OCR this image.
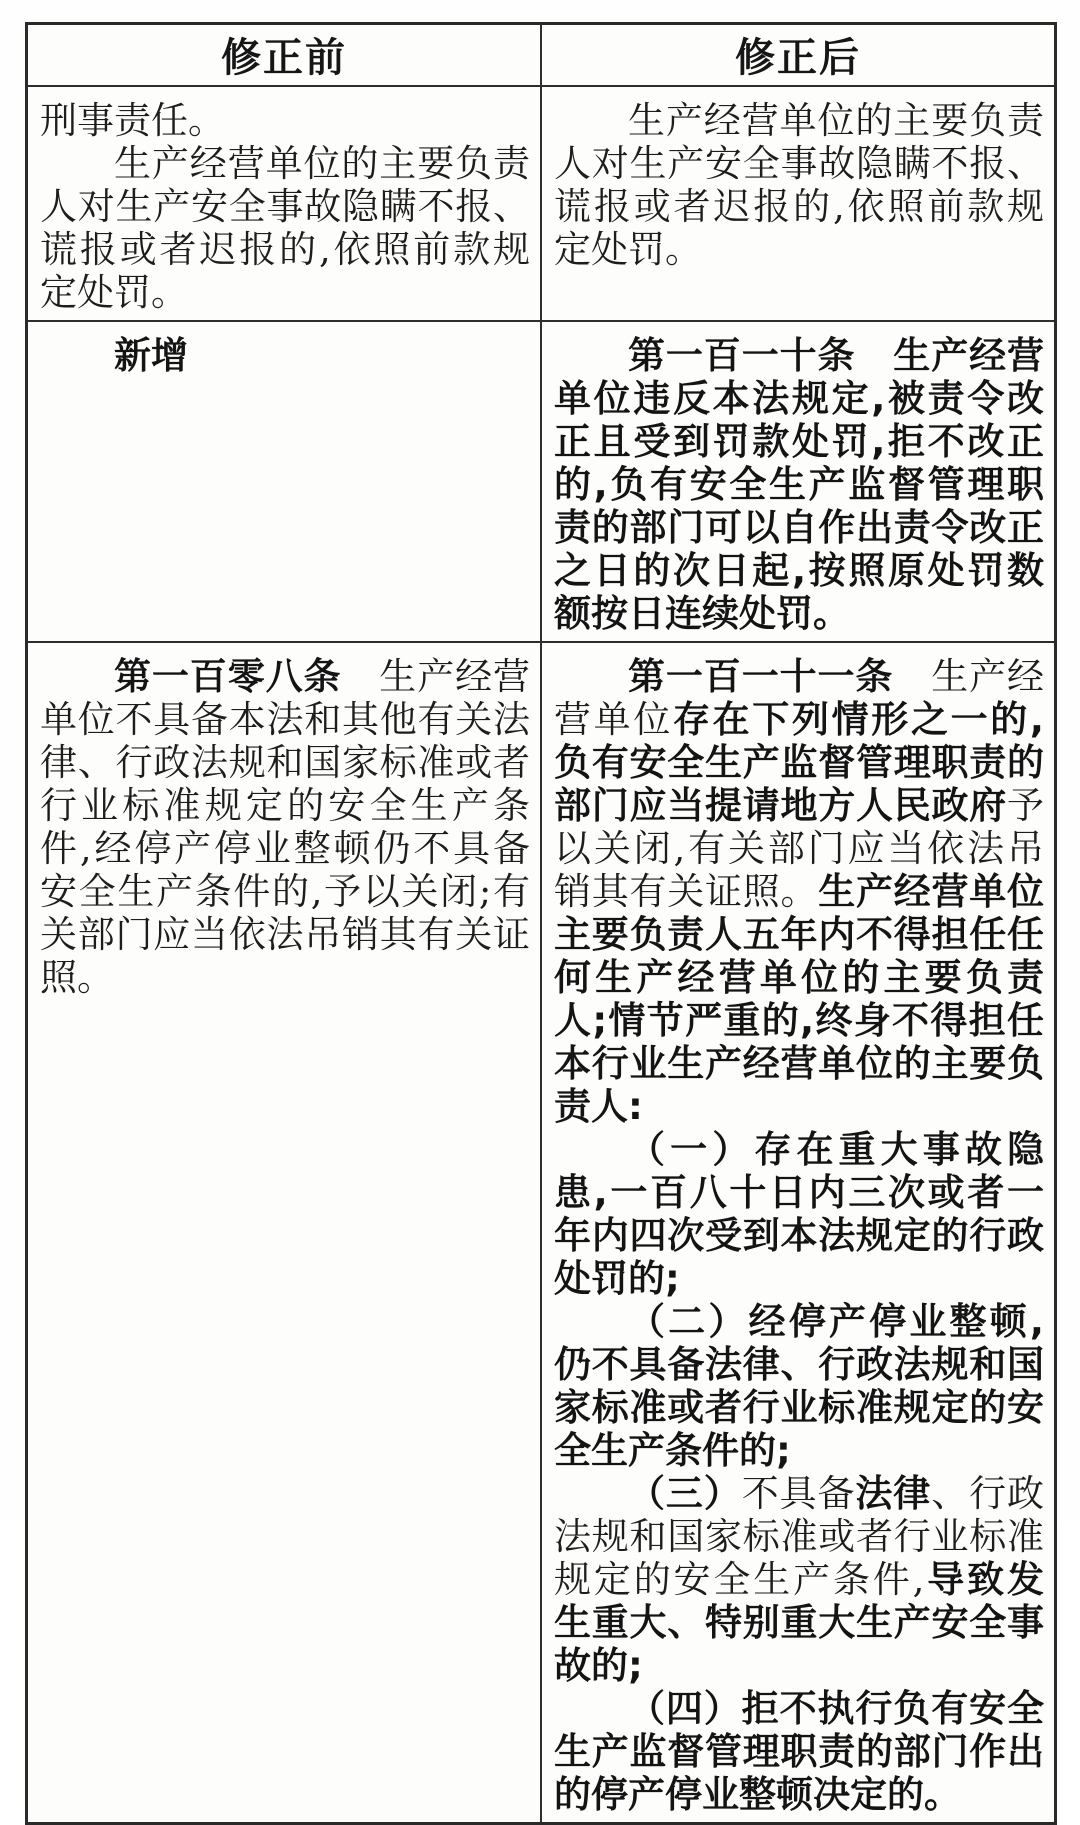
修正前	修正后

刑事责任。

生产经营单位的主要负责人对生产安全事故隐瞒不报、谎报或者迟报的,依照前款规定处罚。	生产经营单位的主要负责人对生产安全事故隐瞒不报、谎报或者迟报的,依照前款规定处罚。

新增	第一百一十条　生产经营单位违反本法规定,被责令改正且受到罚款处罚,拒不改正的,负有安全生产监督管理职责的部门可以自作出责令改正之日的次日起,按照原处罚数额按日连续处罚。

第一百零八条　生产经营单位不具备本法和其他有关法律、行政法规和国家标准或者行业标准规定的安全生产条件,经停产停业整顿仍不具备安全生产条件的,予以关闭;有关部门应当依法吊销其有关证照。	第一百一十一条　生产经营单位存在下列情形之一的,负有安全生产监督管理职责的部门应当提请地方人民政府予以关闭,有关部门应当依法吊销其有关证照。生产经营单位主要负责人五年内不得担任任何生产经营单位的主要负责人;情节严重的,终身不得担任本行业生产经营单位的主要负责人:

（一）存在重大事故隐患,一百八十日内三次或者一年内四次受到本法规定的行政处罚的;

（二）经停产停业整顿,仍不具备法律、行政法规和国家标准或者行业标准规定的安全生产条件的;

（三）不具备法律、行政法规和国家标准或者行业标准规定的安全生产条件,导致发生重大、特别重大生产安全事故的;

（四）拒不执行负有安全生产监督管理职责的部门作出的停产停业整顿决定的。
